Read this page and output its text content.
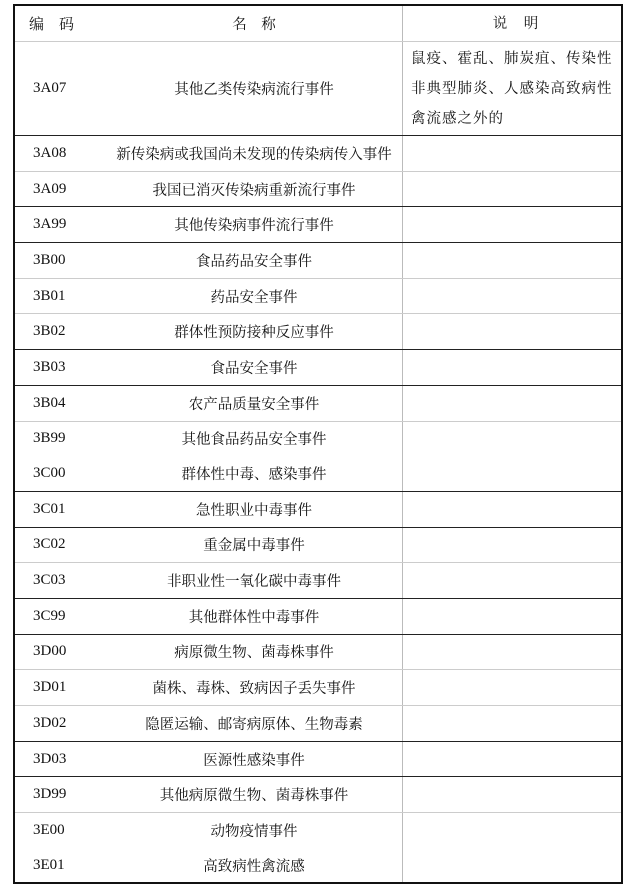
编　码	名　称	说　明
3A07	其他乙类传染病流行事件	鼠疫、霍乱、肺炭疽、传染性非典型肺炎、人感染高致病性禽流感之外的
3A08	新传染病或我国尚未发现的传染病传入事件	
3A09	我国已消灭传染病重新流行事件	
3A99	其他传染病事件流行事件	
3B00	食品药品安全事件	
3B01	药品安全事件	
3B02	群体性预防接种反应事件	
3B03	食品安全事件	
3B04	农产品质量安全事件	
3B99	其他食品药品安全事件	
3C00	群体性中毒、感染事件	
3C01	急性职业中毒事件	
3C02	重金属中毒事件	
3C03	非职业性一氧化碳中毒事件	
3C99	其他群体性中毒事件	
3D00	病原微生物、菌毒株事件	
3D01	菌株、毒株、致病因子丢失事件	
3D02	隐匿运输、邮寄病原体、生物毒素	
3D03	医源性感染事件	
3D99	其他病原微生物、菌毒株事件	
3E00	动物疫情事件	
3E01	高致病性禽流感	
